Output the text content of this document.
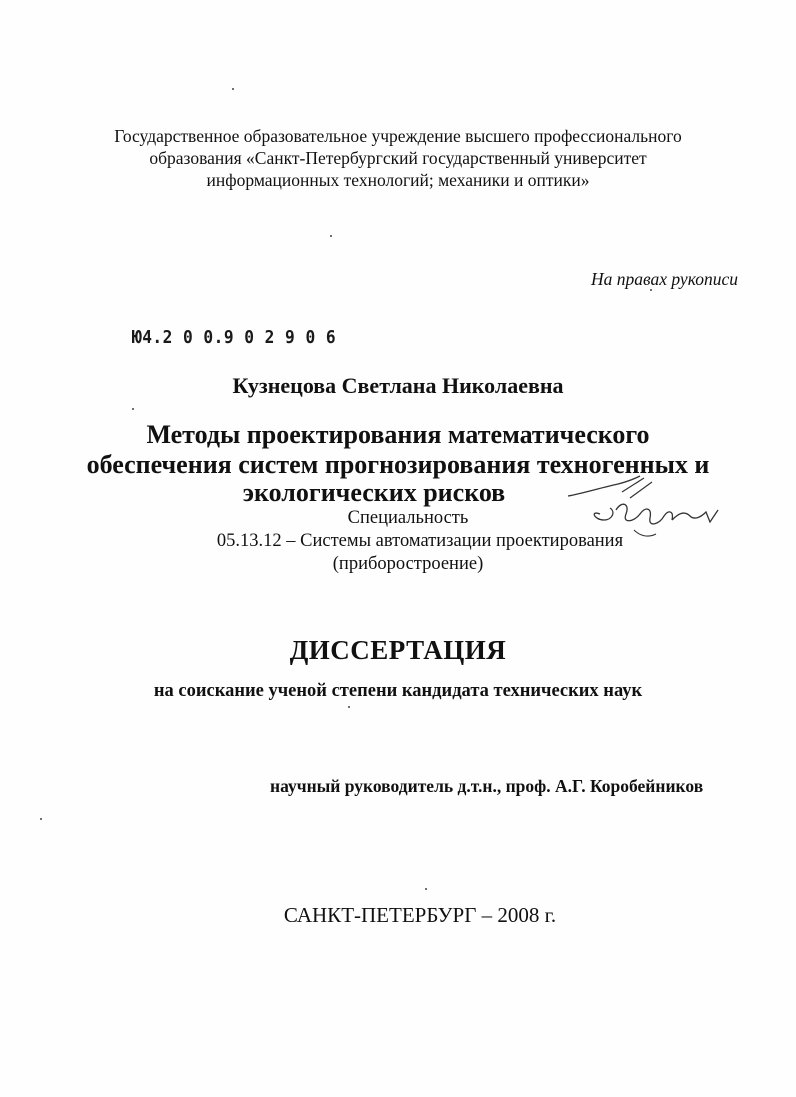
Государственное образовательное учреждение высшего профессионального
образования «Санкт-Петербургский государственный университет
информационных технологий; механики и оптики»
На правах рукописи
Ю4.2 0 0.9 0 2 9 0 6
Кузнецова Светлана Николаевна
Методы проектирования математического
обеспечения систем прогнозирования техногенных и
экологических рисков
Специальность
05.13.12 – Системы автоматизации проектирования
(приборостроение)
ДИССЕРТАЦИЯ
на соискание ученой степени кандидата технических наук
научный руководитель д.т.н., проф. А.Г. Коробейников
САНКТ-ПЕТЕРБУРГ – 2008 г.
